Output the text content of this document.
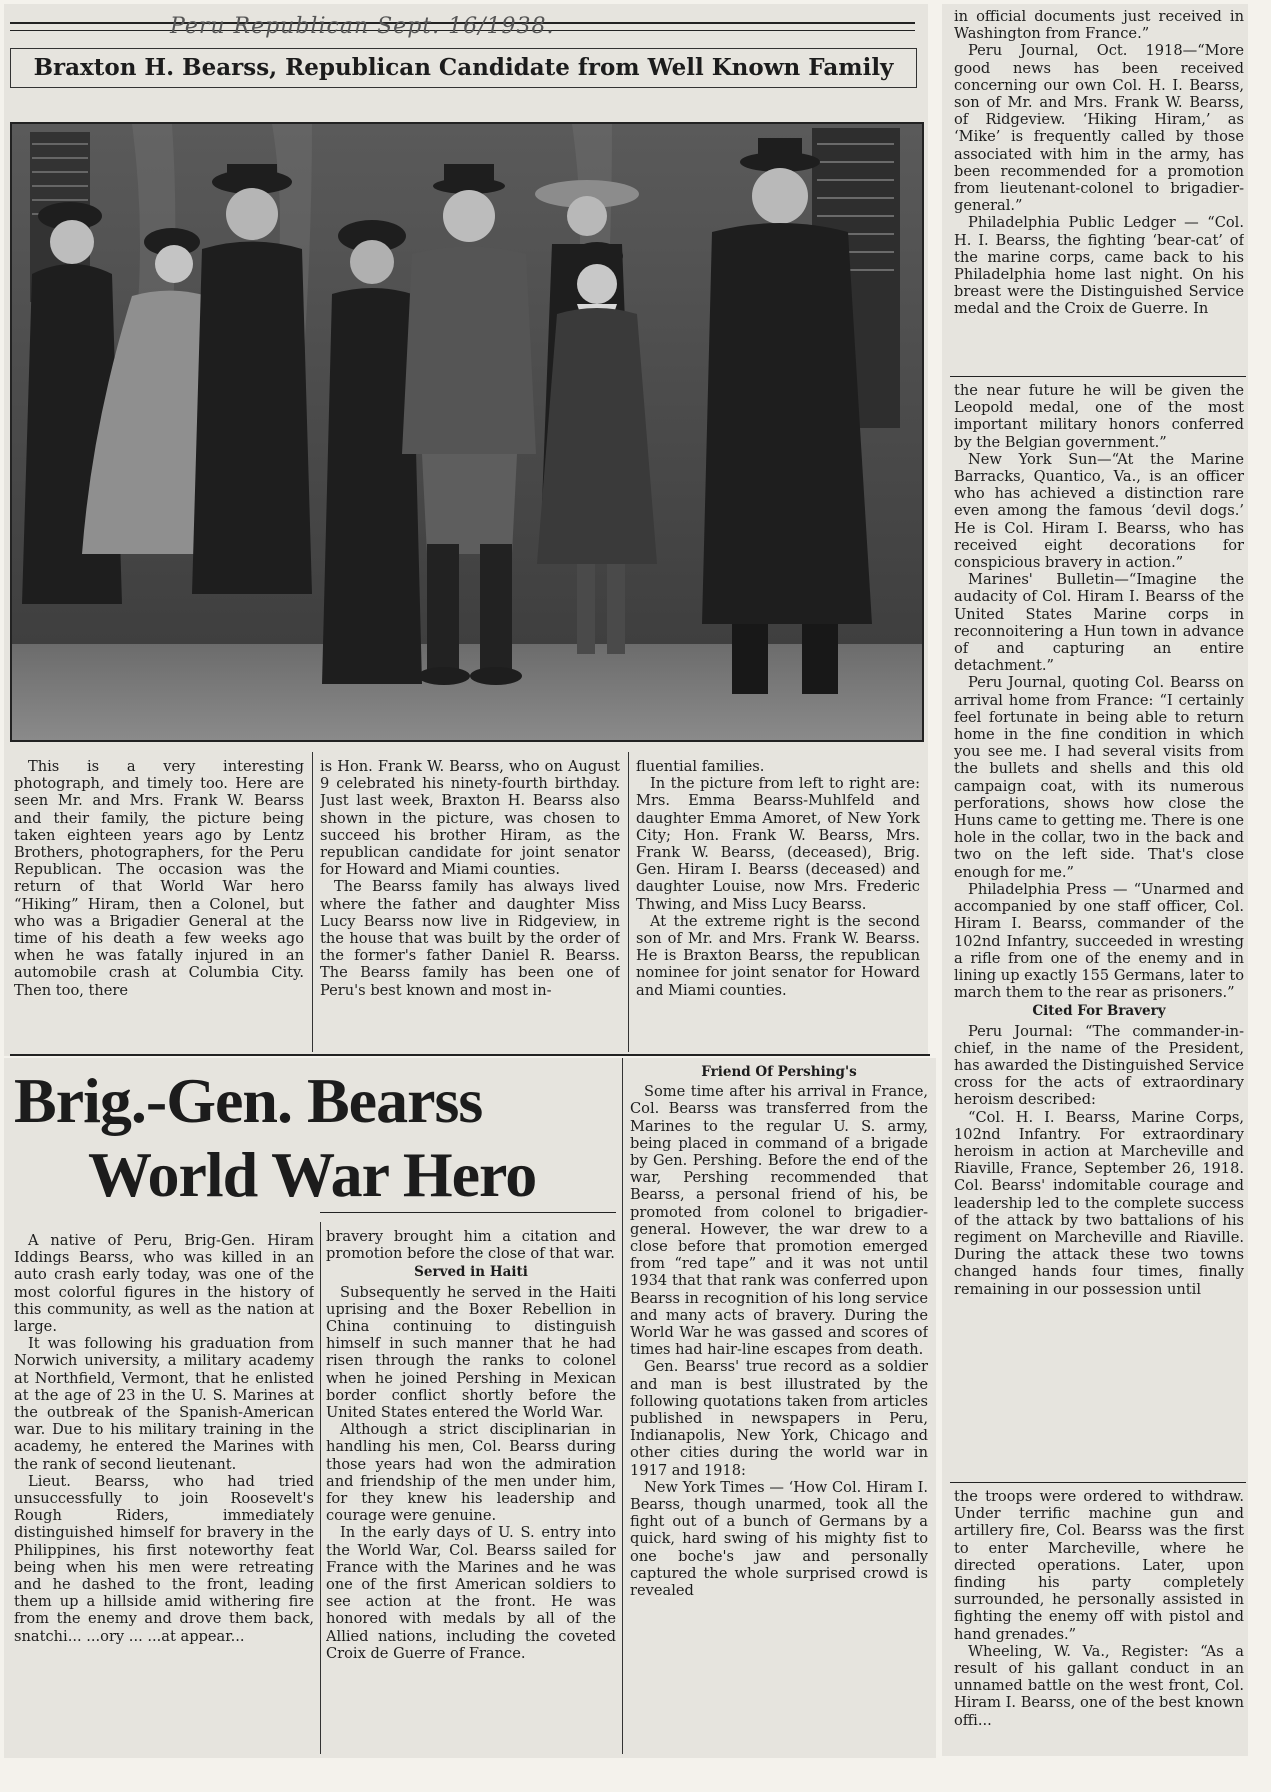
Peru Republican Sept. 16/1938.
Braxton H. Bearss, Republican Candidate from Well Known Family

This is a very interesting photograph, and timely too. Here are seen Mr. and Mrs. Frank W. Bearss and their family, the picture being taken eighteen years ago by Lentz Brothers, photographers, for the Peru Republican. The occasion was the return of that World War hero “Hiking” Hiram, then a Colonel, but who was a Brigadier General at the time of his death a few weeks ago when he was fatally injured in an automobile crash at Columbia City. Then too, there

is Hon. Frank W. Bearss, who on August 9 celebrated his ninety-fourth birthday. Just last week, Braxton H. Bearss also shown in the picture, was chosen to succeed his brother Hiram, as the republican candidate for joint senator for Howard and Miami counties.

The Bearss family has always lived where the father and daughter Miss Lucy Bearss now live in Ridgeview, in the house that was built by the order of the former's father Daniel R. Bearss. The Bearss family has been one of Peru's best known and most in-

fluential families.

In the picture from left to right are: Mrs. Emma Bearss-Muhlfeld and daughter Emma Amoret, of New York City; Hon. Frank W. Bearss, Mrs. Frank W. Bearss, (deceased), Brig. Gen. Hiram I. Bearss (deceased) and daughter Louise, now Mrs. Frederic Thwing, and Miss Lucy Bearss.

At the extreme right is the second son of Mr. and Mrs. Frank W. Bearss. He is Braxton Bearss, the republican nominee for joint senator for Howard and Miami counties.

in official documents just received in Washington from France.”

Peru Journal, Oct. 1918—“More good news has been received concerning our own Col. H. I. Bearss, son of Mr. and Mrs. Frank W. Bearss, of Ridgeview. ‘Hiking Hiram,’ as ‘Mike’ is frequently called by those associated with him in the army, has been recommended for a promotion from lieutenant-colonel to brigadier-general.”

Philadelphia Public Ledger — “Col. H. I. Bearss, the fighting ‘bear-cat’ of the marine corps, came back to his Philadelphia home last night. On his breast were the Distinguished Service medal and the Croix de Guerre. In

the near future he will be given the Leopold medal, one of the most important military honors conferred by the Belgian government.”

New York Sun—“At the Marine Barracks, Quantico, Va., is an officer who has achieved a distinction rare even among the famous ‘devil dogs.’ He is Col. Hiram I. Bearss, who has received eight decorations for conspicious bravery in action.”

Marines' Bulletin—“Imagine the audacity of Col. Hiram I. Bearss of the United States Marine corps in reconnoitering a Hun town in advance of and capturing an entire detachment.”

Peru Journal, quoting Col. Bearss on arrival home from France: “I certainly feel fortunate in being able to return home in the fine condition in which you see me. I had several visits from the bullets and shells and this old campaign coat, with its numerous perforations, shows how close the Huns came to getting me. There is one hole in the collar, two in the back and two on the left side. That's close enough for me.”

Philadelphia Press — “Unarmed and accompanied by one staff officer, Col. Hiram I. Bearss, commander of the 102nd Infantry, succeeded in wresting a rifle from one of the enemy and in lining up exactly 155 Germans, later to march them to the rear as prisoners.”

Cited For Bravery

Peru Journal: “The commander-in-chief, in the name of the President, has awarded the Distinguished Service cross for the acts of extraordinary heroism described:

“Col. H. I. Bearss, Marine Corps, 102nd Infantry. For extraordinary heroism in action at Marcheville and Riaville, France, September 26, 1918. Col. Bearss' indomitable courage and leadership led to the complete success of the attack by two battalions of his regiment on Marcheville and Riaville. During the attack these two towns changed hands four times, finally remaining in our possession until

the troops were ordered to withdraw. Under terrific machine gun and artillery fire, Col. Bearss was the first to enter Marcheville, where he directed operations. Later, upon finding his party completely surrounded, he personally assisted in fighting the enemy off with pistol and hand grenades.”

Wheeling, W. Va., Register: “As a result of his gallant conduct in an unnamed battle on the west front, Col. Hiram I. Bearss, one of the best known offi...

Brig.-Gen. Bearss
World War Hero

A native of Peru, Brig-Gen. Hiram Iddings Bearss, who was killed in an auto crash early today, was one of the most colorful figures in the history of this community, as well as the nation at large.

It was following his graduation from Norwich university, a military academy at Northfield, Vermont, that he enlisted at the age of 23 in the U. S. Marines at the outbreak of the Spanish-American war. Due to his military training in the academy, he entered the Marines with the rank of second lieutenant.

Lieut. Bearss, who had tried unsuccessfully to join Roosevelt's Rough Riders, immediately distinguished himself for bravery in the Philippines, his first noteworthy feat being when his men were retreating and he dashed to the front, leading them up a hillside amid withering fire from the enemy and drove them back, snatchi... ...ory ... ...at appear...

bravery brought him a citation and promotion before the close of that war.

Served in Haiti

Subsequently he served in the Haiti uprising and the Boxer Rebellion in China continuing to distinguish himself in such manner that he had risen through the ranks to colonel when he joined Pershing in Mexican border conflict shortly before the United States entered the World War.

Although a strict disciplinarian in handling his men, Col. Bearss during those years had won the admiration and friendship of the men under him, for they knew his leadership and courage were genuine.

In the early days of U. S. entry into the World War, Col. Bearss sailed for France with the Marines and he was one of the first American soldiers to see action at the front. He was honored with medals by all of the Allied nations, including the coveted Croix de Guerre of France.

Friend Of Pershing's

Some time after his arrival in France, Col. Bearss was transferred from the Marines to the regular U. S. army, being placed in command of a brigade by Gen. Pershing. Before the end of the war, Pershing recommended that Bearss, a personal friend of his, be promoted from colonel to brigadier-general. However, the war drew to a close before that promotion emerged from “red tape” and it was not until 1934 that that rank was conferred upon Bearss in recognition of his long service and many acts of bravery. During the World War he was gassed and scores of times had hair-line escapes from death.

Gen. Bearss' true record as a soldier and man is best illustrated by the following quotations taken from articles published in newspapers in Peru, Indianapolis, New York, Chicago and other cities during the world war in 1917 and 1918:

New York Times — ‘How Col. Hiram I. Bearss, though unarmed, took all the fight out of a bunch of Germans by a quick, hard swing of his mighty fist to one boche's jaw and personally captured the whole surprised crowd is revealed
